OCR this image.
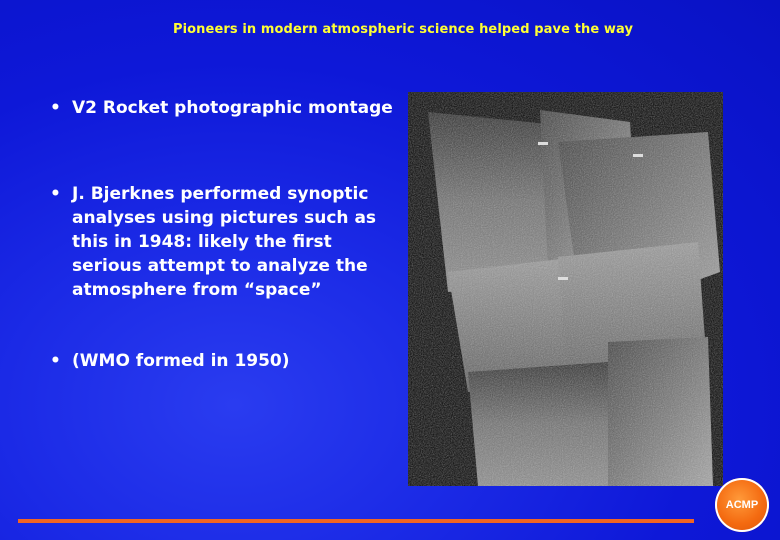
Pioneers in modern atmospheric science helped pave the way
• V2 Rocket photographic montage
• J. Bjerknes performed synoptic analyses using pictures such as this in 1948: likely the first serious attempt to analyze the atmosphere from “space”
• (WMO formed in 1950)
ACMP
